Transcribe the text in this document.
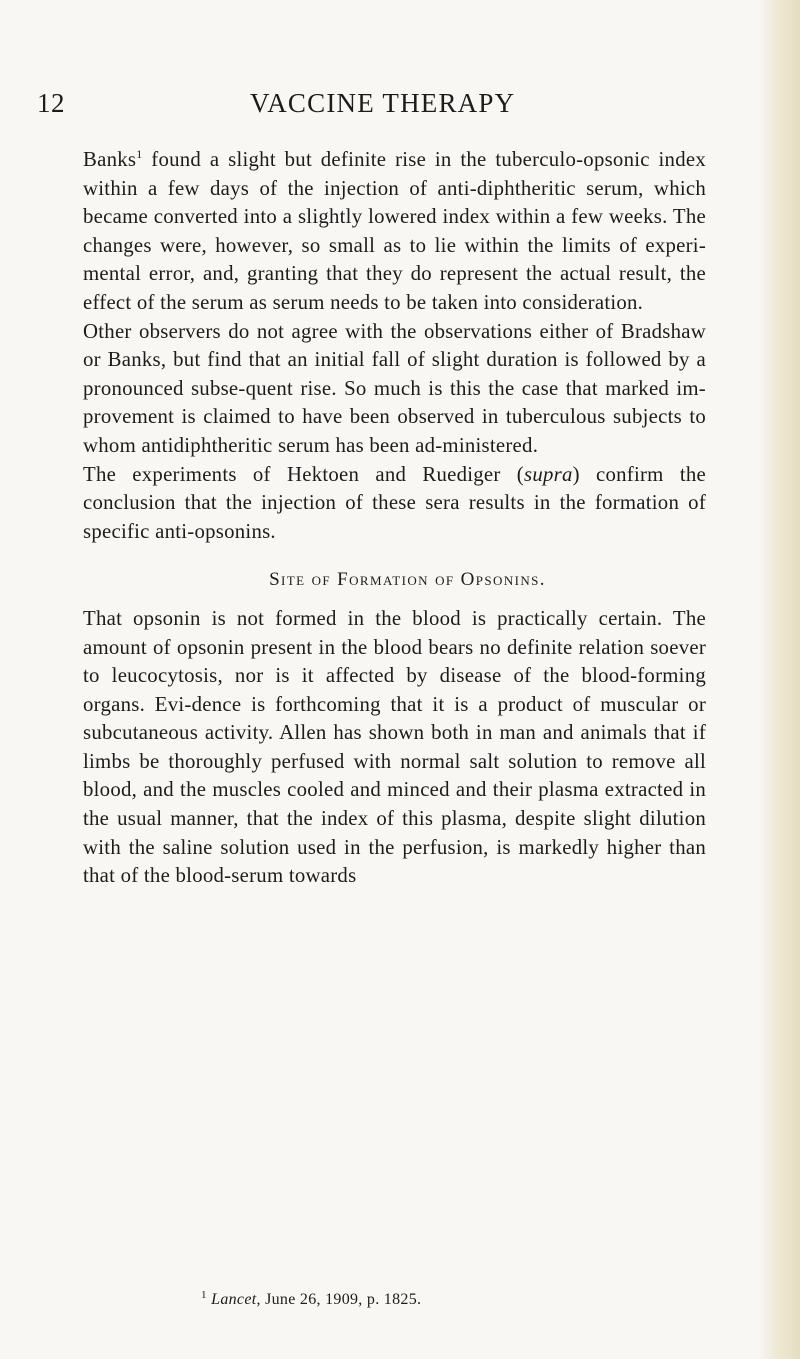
12	VACCINE THERAPY

Banks$^1$ found a slight but definite rise in the tuberculo-opsonic index within a few days of the injection of anti-diphtheritic serum, which became converted into a slightly lowered index within a few weeks. The changes were, however, so small as to lie within the limits of experi-mental error, and, granting that they do represent the actual result, the effect of the serum as serum needs to be taken into consideration.

Other observers do not agree with the observations either of Bradshaw or Banks, but find that an initial fall of slight duration is followed by a pronounced subse-quent rise. So much is this the case that marked im-provement is claimed to have been observed in tuberculous subjects to whom antidiphtheritic serum has been ad-ministered.

The experiments of Hektoen and Ruediger (supra) confirm the conclusion that the injection of these sera results in the formation of specific anti-opsonins.

Site of Formation of Opsonins.

That opsonin is not formed in the blood is practically certain. The amount of opsonin present in the blood bears no definite relation soever to leucocytosis, nor is it affected by disease of the blood-forming organs. Evi-dence is forthcoming that it is a product of muscular or subcutaneous activity. Allen has shown both in man and animals that if limbs be thoroughly perfused with normal salt solution to remove all blood, and the muscles cooled and minced and their plasma extracted in the usual manner, that the index of this plasma, despite slight dilution with the saline solution used in the perfusion, is markedly higher than that of the blood-serum towards

$^1$ Lancet, June 26, 1909, p. 1825.
